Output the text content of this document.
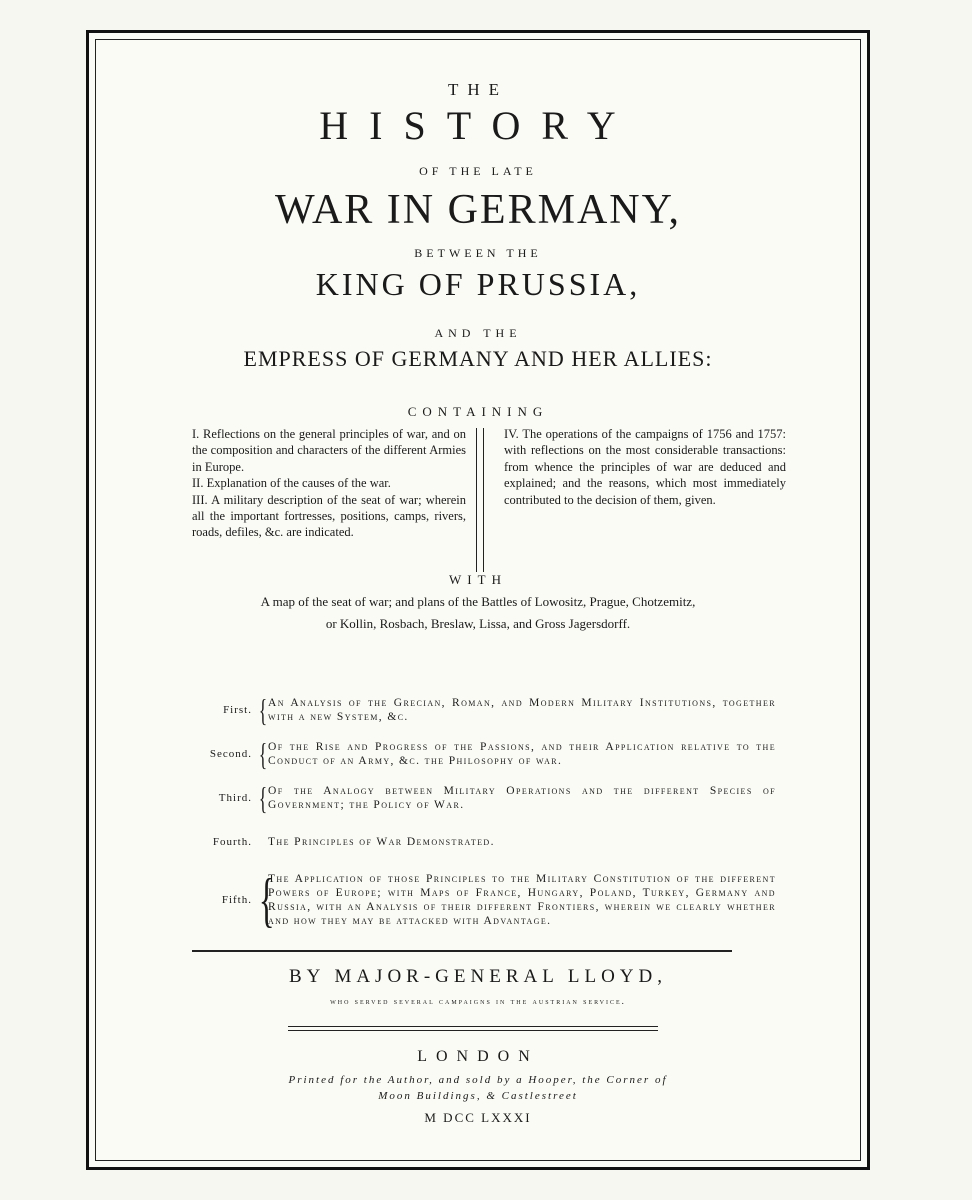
THE
HISTORY
OF THE LATE
WAR IN GERMANY,
BETWEEN THE
KING OF PRUSSIA,
AND THE
EMPRESS OF GERMANY AND HER ALLIES:
CONTAINING

I. Reflections on the general principles of war, and on the composition and characters of the different Armies in Europe.

II. Explanation of the causes of the war.

III. A military description of the seat of war; wherein all the important fortresses, positions, camps, rivers, roads, defiles, &c. are indicated.

IV. The operations of the campaigns of 1756 and 1757: with reflections on the most considerable transactions: from whence the principles of war are deduced and explained; and the reasons, which most immediately contributed to the decision of them, given.

WITH
A map of the seat of war; and plans of the Battles of Lowositz, Prague, Chotzemitz,
or Kollin, Rosbach, Breslaw, Lissa, and Gross Jagersdorff.
First. { An Analysis of the Grecian, Roman, and Modern Military Institutions, together with a new System, &c.
Second. { Of the Rise and Progress of the Passions, and their Application relative to the Conduct of an Army, &c. the Philosophy of war.
Third. { Of the Analogy between Military Operations and the different Species of Government; the Policy of War.
Fourth.	The Principles of War Demonstrated.
Fifth. {
The Application of those Principles to the Military Constitution of the different Powers of Europe; with Maps of France, Hungary, Poland, Turkey, Germany and Russia, with an Analysis of their different Frontiers, wherein we clearly whether and how they may be attacked with Advantage.
BY MAJOR-GENERAL LLOYD,
who served several campaigns in the austrian service.
LONDON
Printed for the Author, and sold by a Hooper, the Corner of
Moon Buildings, & Castlestreet
M DCC LXXXI
